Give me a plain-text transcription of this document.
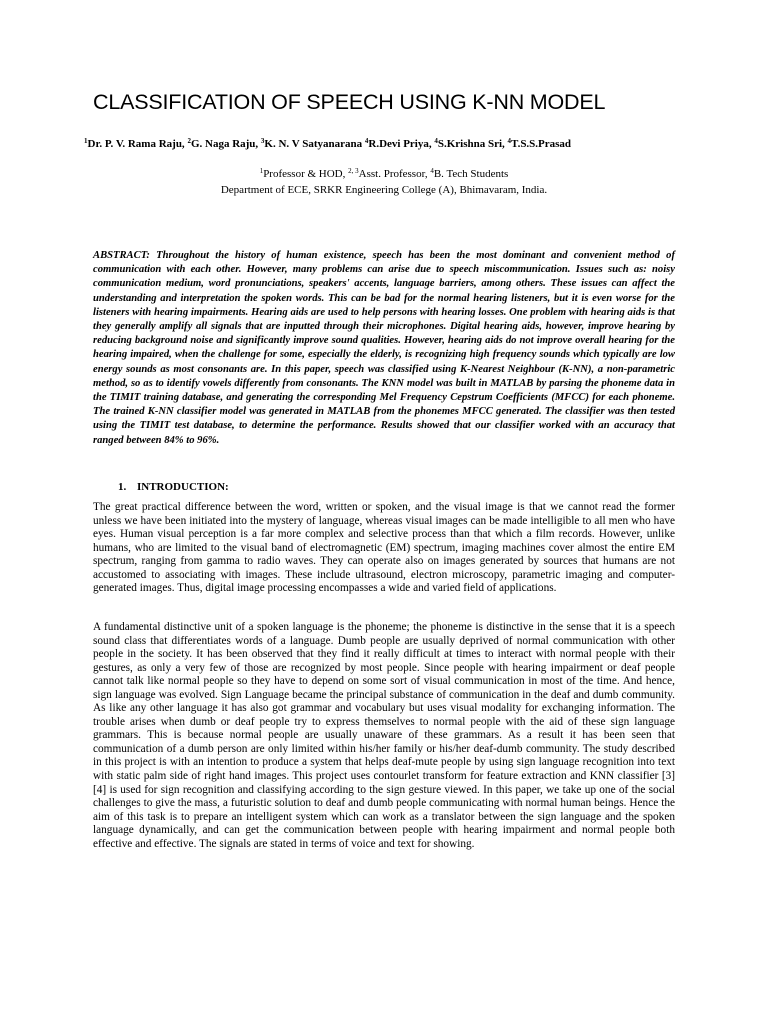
CLASSIFICATION OF SPEECH USING K-NN MODEL
$^1$Dr. P. V. Rama Raju, $^2$G. Naga Raju, $^3$K. N. V Satyanarana $^4$R.Devi Priya, $^4$S.Krishna Sri, $^4$T.S.S.Prasad
$^1$Professor & HOD, $^{2, 3}$Asst. Professor, $^4$B. Tech Students
Department of ECE, SRKR Engineering College (A), Bhimavaram, India.

ABSTRACT: Throughout the history of human existence, speech has been the most dominant and convenient method of communication with each other. However, many problems can arise due to speech miscommunication. Issues such as: noisy communication medium, word pronunciations, speakers' accents, language barriers, among others. These issues can affect the understanding and interpretation the spoken words. This can be bad for the normal hearing listeners, but it is even worse for the listeners with hearing impairments. Hearing aids are used to help persons with hearing losses. One problem with hearing aids is that they generally amplify all signals that are inputted through their microphones. Digital hearing aids, however, improve hearing by reducing background noise and significantly improve sound qualities. However, hearing aids do not improve overall hearing for the hearing impaired, when the challenge for some, especially the elderly, is recognizing high frequency sounds which typically are low energy sounds as most consonants are. In this paper, speech was classified using K-Nearest Neighbour (K-NN), a non-parametric method, so as to identify vowels differently from consonants. The KNN model was built in MATLAB by parsing the phoneme data in the TIMIT training database, and generating the corresponding Mel Frequency Cepstrum Coefficients (MFCC) for each phoneme. The trained K-NN classifier model was generated in MATLAB from the phonemes MFCC generated. The classifier was then tested using the TIMIT test database, to determine the performance. Results showed that our classifier worked with an accuracy that ranged between 84% to 96%.

1. INTRODUCTION:

The great practical difference between the word, written or spoken, and the visual image is that we cannot read the former unless we have been initiated into the mystery of language, whereas visual images can be made intelligible to all men who have eyes. Human visual perception is a far more complex and selective process than that which a film records. However, unlike humans, who are limited to the visual band of electromagnetic (EM) spectrum, imaging machines cover almost the entire EM spectrum, ranging from gamma to radio waves. They can operate also on images generated by sources that humans are not accustomed to associating with images. These include ultrasound, electron microscopy, parametric imaging and computer-generated images. Thus, digital image processing encompasses a wide and varied field of applications.

A fundamental distinctive unit of a spoken language is the phoneme; the phoneme is distinctive in the sense that it is a speech sound class that differentiates words of a language. Dumb people are usually deprived of normal communication with other people in the society. It has been observed that they find it really difficult at times to interact with normal people with their gestures, as only a very few of those are recognized by most people. Since people with hearing impairment or deaf people cannot talk like normal people so they have to depend on some sort of visual communication in most of the time. And hence, sign language was evolved. Sign Language became the principal substance of communication in the deaf and dumb community. As like any other language it has also got grammar and vocabulary but uses visual modality for exchanging information. The trouble arises when dumb or deaf people try to express themselves to normal people with the aid of these sign language grammars. This is because normal people are usually unaware of these grammars. As a result it has been seen that communication of a dumb person are only limited within his/her family or his/her deaf-dumb community. The study described in this project is with an intention to produce a system that helps deaf-mute people by using sign language recognition into text with static palm side of right hand images. This project uses contourlet transform for feature extraction and KNN classifier [3][4] is used for sign recognition and classifying according to the sign gesture viewed. In this paper, we take up one of the social challenges to give the mass, a futuristic solution to deaf and dumb people communicating with normal human beings. Hence the aim of this task is to prepare an intelligent system which can work as a translator between the sign language and the spoken language dynamically, and can get the communication between people with hearing impairment and normal people both effective and effective. The signals are stated in terms of voice and text for showing.
